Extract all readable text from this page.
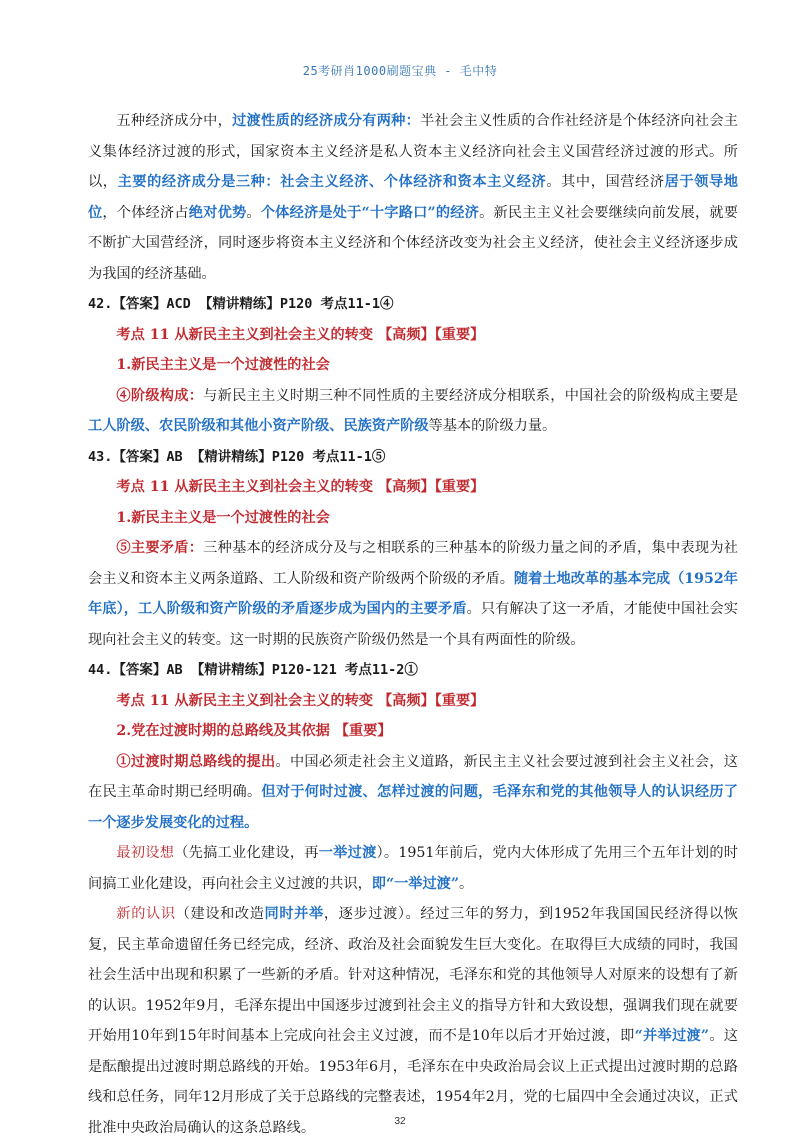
25考研肖1000刷题宝典 - 毛中特

五种经济成分中，过渡性质的经济成分有两种：半社会主义性质的合作社经济是个体经济向社会主义集体经济过渡的形式，国家资本主义经济是私人资本主义经济向社会主义国营经济过渡的形式。所以，主要的经济成分是三种：社会主义经济、个体经济和资本主义经济。其中，国营经济居于领导地位，个体经济占绝对优势。个体经济是处于“十字路口”的经济。新民主主义社会要继续向前发展，就要不断扩大国营经济，同时逐步将资本主义经济和个体经济改变为社会主义经济，使社会主义经济逐步成为我国的经济基础。

42.【答案】ACD 【精讲精练】P120 考点11-1④

考点 11 从新民主主义到社会主义的转变 【高频】【重要】

1.新民主主义是一个过渡性的社会

④阶级构成：与新民主主义时期三种不同性质的主要经济成分相联系，中国社会的阶级构成主要是工人阶级、农民阶级和其他小资产阶级、民族资产阶级等基本的阶级力量。

43.【答案】AB 【精讲精练】P120 考点11-1⑤

考点 11 从新民主主义到社会主义的转变 【高频】【重要】

1.新民主主义是一个过渡性的社会

⑤主要矛盾：三种基本的经济成分及与之相联系的三种基本的阶级力量之间的矛盾，集中表现为社会主义和资本主义两条道路、工人阶级和资产阶级两个阶级的矛盾。随着土地改革的基本完成（1952年年底），工人阶级和资产阶级的矛盾逐步成为国内的主要矛盾。只有解决了这一矛盾，才能使中国社会实现向社会主义的转变。这一时期的民族资产阶级仍然是一个具有两面性的阶级。

44.【答案】AB 【精讲精练】P120-121 考点11-2①

考点 11 从新民主主义到社会主义的转变 【高频】【重要】

2.党在过渡时期的总路线及其依据 【重要】

①过渡时期总路线的提出。中国必须走社会主义道路，新民主主义社会要过渡到社会主义社会，这在民主革命时期已经明确。但对于何时过渡、怎样过渡的问题，毛泽东和党的其他领导人的认识经历了一个逐步发展变化的过程。

最初设想（先搞工业化建设，再一举过渡）。1951年前后，党内大体形成了先用三个五年计划的时间搞工业化建设，再向社会主义过渡的共识，即“一举过渡”。

新的认识（建设和改造同时并举，逐步过渡）。经过三年的努力，到1952年我国国民经济得以恢复，民主革命遗留任务已经完成，经济、政治及社会面貌发生巨大变化。在取得巨大成绩的同时，我国社会生活中出现和积累了一些新的矛盾。针对这种情况，毛泽东和党的其他领导人对原来的设想有了新的认识。1952年9月，毛泽东提出中国逐步过渡到社会主义的指导方针和大致设想，强调我们现在就要开始用10年到15年时间基本上完成向社会主义过渡，而不是10年以后才开始过渡，即“并举过渡”。这是酝酿提出过渡时期总路线的开始。1953年6月，毛泽东在中央政治局会议上正式提出过渡时期的总路线和总任务，同年12月形成了关于总路线的完整表述，1954年2月，党的七届四中全会通过决议，正式批准中央政治局确认的这条总路线。	32
